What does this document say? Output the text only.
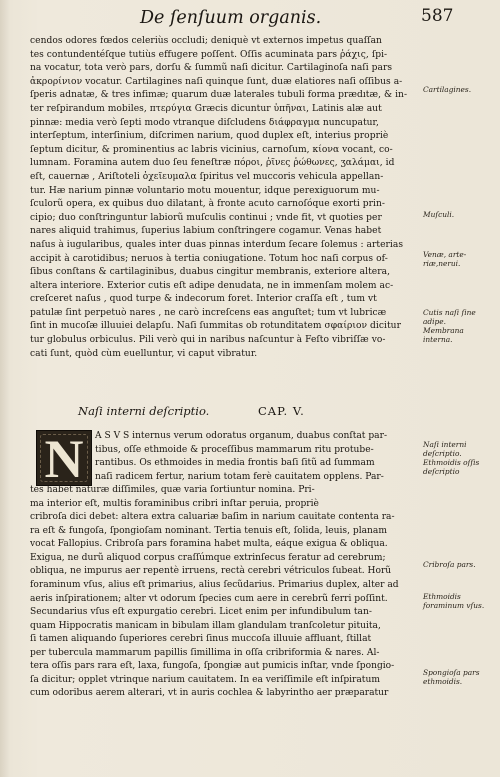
De ſenſuum organis.	587
cendos odores fœdos celeriùs occludi; deniquè vt externos impetus quaſſan
tes contundentéſque tutiùs effugere poſſent. Oſſis acuminata pars ῥάχις, ſpi-
na vocatur, tota verò pars, dorſu & ſummũ naſi dicitur. Cartilaginoſa naſi pars
ἀκρορίνιον vocatur. Cartilagines naſi quinque ſunt, duæ elatiores naſi oſſibus a-
ſperis adnatæ, & tres infimæ; quarum duæ laterales tubuli forma prædıtæ, & in-
ter reſpirandum mobiles, πτερύγια Græcis dicuntur ὑπῆναι, Latinis alæ aut
pinnæ: media verò ſepti modo vtranque diſcludens διάφραγμα nuncupatur,
interſeptum, interſinium, diſcrimen narium, quod duplex eſt, interius propriè
ſeptum dicitur, & prominentius ac labris vicinius, carnoſum, κίονα vocant, co-
lumnam. Foramina autem duo ſeu feneſtræ πόροι, ῥῖνες ῥώθωνες, ʒαλάμαι, id
eſt, cauernæ , Ariſtoteli ὀχεῖευμαλα ſpiritus vel muccoris vehicula appellan-
tur. Hæ narium pinnæ voluntario motu mouentur, idque perexiguorum mu-
ſculorũ opera, ex quibus duo dilatant, à fronte acuto carnoſóque exorti prin-
cipio; duo conſtringuntur labiorũ muſculis continui ; vnde fit, vt quoties per
nares aliquid trahimus, ſuperius labium conſtringere cogamur. Venas habet
naſus à iugularibus, quales inter duas pinnas interdum ſecare ſolemus : arterias
accipit à carotidibus; neruos à tertia coniugatione. Totum hoc naſi corpus of-
ſibus conſtans & cartilaginibus, duabus cingitur membranis, exteriore altera,
altera interiore. Exterior cutis eſt adipe denudata, ne in immenſam molem ac-
creſceret naſus , quod turpe & indecorum foret. Interior craſſa eſt , tum vt
patulæ ſint perpetuò nares , ne carò increſcens eas anguſtet; tum vt lubricæ
ſint in mucoſæ illuuiei delapſu. Naſi ſummitas ob rotunditatem σφαίριον dicitur
tur globulus orbiculus. Pili verò qui in naribus naſcuntur à Feſto vibriſſæ vo-
cati ſunt, quòd cùm euelluntur, vi caput vibratur.
Cartilagines.
Muſculi.
Venæ, arte-riæ,nerui.
Cutis naſi ſine adipe.
Membrana interna.
Naſi interni deſcriptio.	CAP. V.
N	A S V S internus verum odoratus organum, duabus conſtat par-
tibus, oſſe ethmoide & proceſſibus mammarum ritu protube-
rantibus. Os ethmoides in media frontis baſi ſitũ ad ſummam
naſi radicem fertur, narium totam ferè cauitatem opplens. Par-
tes habet naturæ diſſimiles, quæ varia ſortiuntur nomina. Pri-
ma interior eſt, multis foraminibus cribri inſtar peruia, propriè
cribroſa dici debet: altera extra caluariæ baſim in narium cauitate contenta ra-
ra eſt & fungoſa, ſpongioſam nominant. Tertia tenuis eſt, ſolida, leuis, planam
vocat Fallopius. Cribroſa pars foramina habet multa, eáque exigua & obliqua.
Exigua, ne durũ aliquod corpus craſſúmque extrinſecus feratur ad cerebrum;
obliqua, ne impurus aer repentè irruens, rectà cerebri vétriculos ſubeat. Horũ
foraminum vſus, alius eſt primarius, alius ſecũdarius. Primarius duplex, alter ad
aeris inſpirationem; alter vt odorum ſpecies cum aere in cerebrũ ferri poſſint.
Secundarius vſus eſt expurgatio cerebri. Licet enim per infundibulum tan-
quam Hippocratis manicam in bibulam illam glandulam tranſcoletur pituita,
ſi tamen aliquando ſuperiores cerebri ſinus muccoſa illuuie affluant, ſtillat
per tubercula mammarum papillis ſimillima in oſſa cribriformia & nares. Al-
tera oſſis pars rara eſt, laxa, fungoſa, ſpongiæ aut pumicis inſtar, vnde ſpongio-
ſa dicitur; opplet vtrinque narium cauitatem. In ea veriſſimile eſt inſpiratum
cum odoribus aerem alterari, vt in auris cochlea & labyrintho aer præparatur
Naſi interni deſcriptio. Ethmoidis oſſis deſcriptio
Cribroſa pars.
Ethmoidis foraminum vſus.
Spongioſa pars ethmoidis.
